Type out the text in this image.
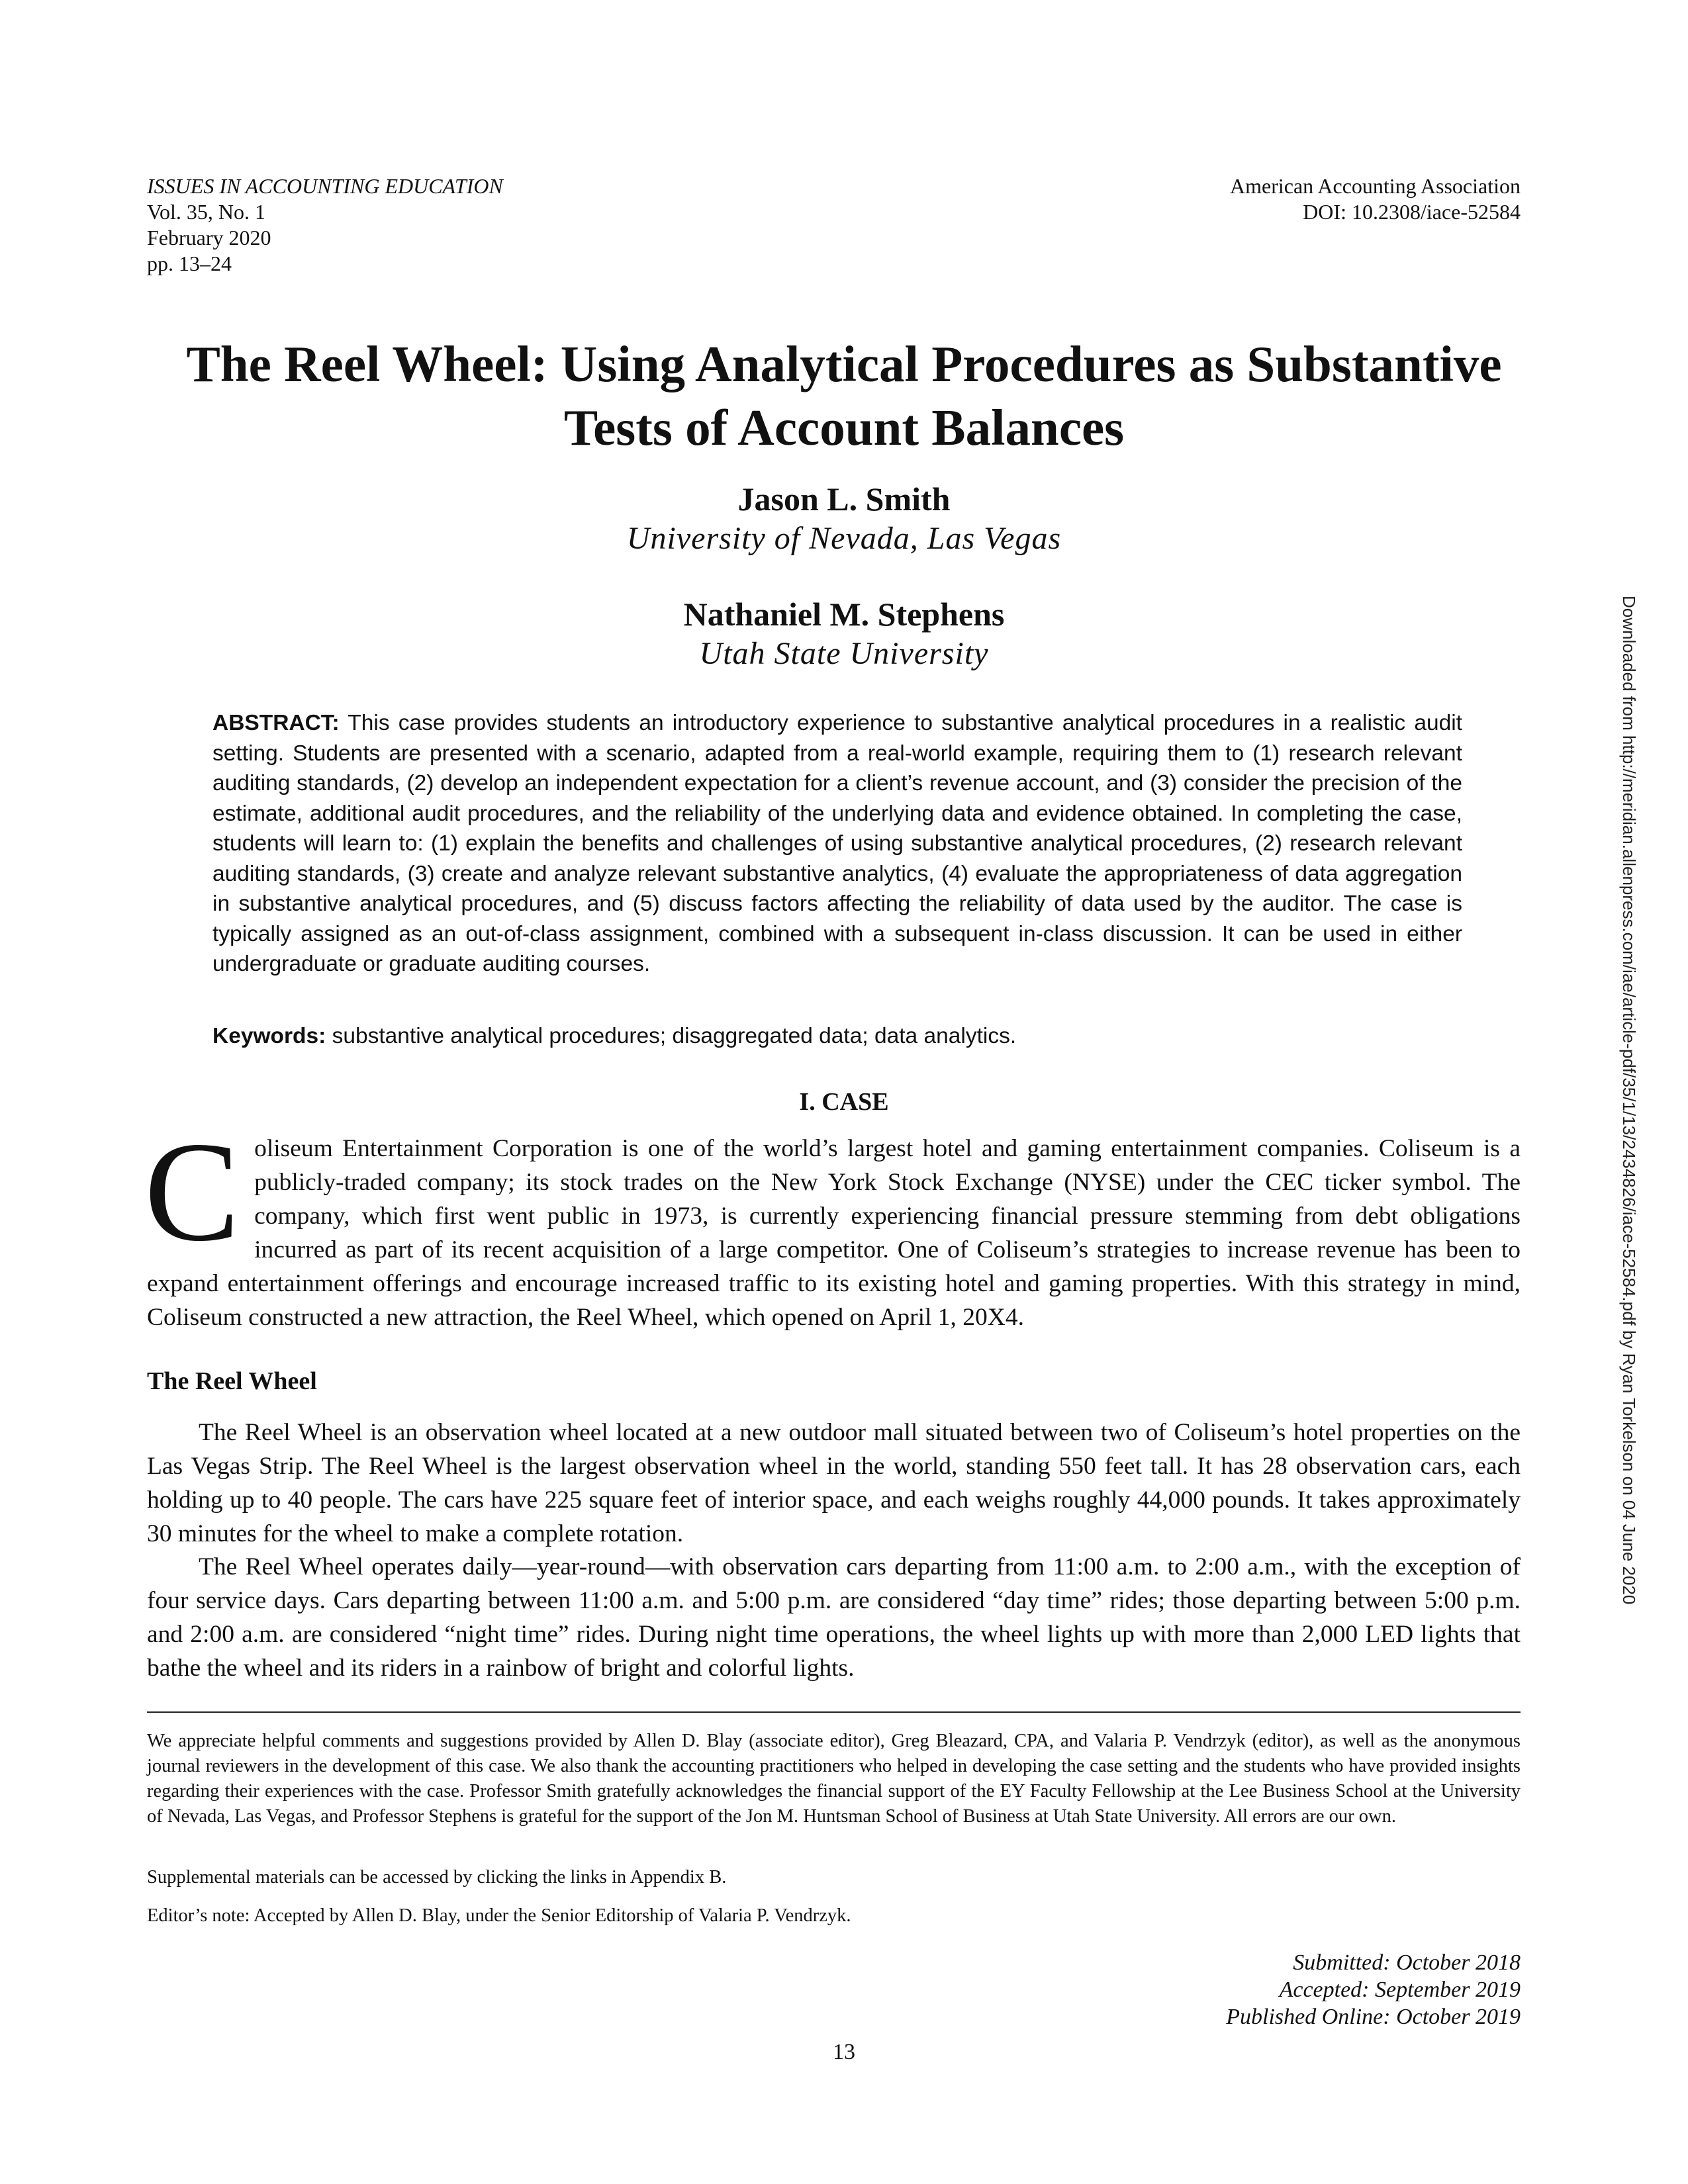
ISSUES IN ACCOUNTING EDUCATION
Vol. 35, No. 1
February 2020
pp. 13–24
American Accounting Association
DOI: 10.2308/iace-52584
The Reel Wheel: Using Analytical Procedures as Substantive
Tests of Account Balances
Jason L. Smith
University of Nevada, Las Vegas
Nathaniel M. Stephens
Utah State University

ABSTRACT: This case provides students an introductory experience to substantive analytical procedures in a realistic audit setting. Students are presented with a scenario, adapted from a real-world example, requiring them to (1) research relevant auditing standards, (2) develop an independent expectation for a client’s revenue account, and (3) consider the precision of the estimate, additional audit procedures, and the reliability of the underlying data and evidence obtained. In completing the case, students will learn to: (1) explain the benefits and challenges of using substantive analytical procedures, (2) research relevant auditing standards, (3) create and analyze relevant substantive analytics, (4) evaluate the appropriateness of data aggregation in substantive analytical procedures, and (5) discuss factors affecting the reliability of data used by the auditor. The case is typically assigned as an out-of-class assignment, combined with a subsequent in-class discussion. It can be used in either undergraduate or graduate auditing courses.

Keywords: substantive analytical procedures; disaggregated data; data analytics.

I. CASE

Coliseum Entertainment Corporation is one of the world’s largest hotel and gaming entertainment companies. Coliseum is a publicly-traded company; its stock trades on the New York Stock Exchange (NYSE) under the CEC ticker symbol. The company, which first went public in 1973, is currently experiencing financial pressure stemming from debt obligations incurred as part of its recent acquisition of a large competitor. One of Coliseum’s strategies to increase revenue has been to expand entertainment offerings and encourage increased traffic to its existing hotel and gaming properties. With this strategy in mind, Coliseum constructed a new attraction, the Reel Wheel, which opened on April 1, 20X4.

The Reel Wheel

The Reel Wheel is an observation wheel located at a new outdoor mall situated between two of Coliseum’s hotel properties on the Las Vegas Strip. The Reel Wheel is the largest observation wheel in the world, standing 550 feet tall. It has 28 observation cars, each holding up to 40 people. The cars have 225 square feet of interior space, and each weighs roughly 44,000 pounds. It takes approximately 30 minutes for the wheel to make a complete rotation.

The Reel Wheel operates daily—year-round—with observation cars departing from 11:00 a.m. to 2:00 a.m., with the exception of four service days. Cars departing between 11:00 a.m. and 5:00 p.m. are considered “day time” rides; those departing between 5:00 p.m. and 2:00 a.m. are considered “night time” rides. During night time operations, the wheel lights up with more than 2,000 LED lights that bathe the wheel and its riders in a rainbow of bright and colorful lights.

We appreciate helpful comments and suggestions provided by Allen D. Blay (associate editor), Greg Bleazard, CPA, and Valaria P. Vendrzyk (editor), as well as the anonymous journal reviewers in the development of this case. We also thank the accounting practitioners who helped in developing the case setting and the students who have provided insights regarding their experiences with the case. Professor Smith gratefully acknowledges the financial support of the EY Faculty Fellowship at the Lee Business School at the University of Nevada, Las Vegas, and Professor Stephens is grateful for the support of the Jon M. Huntsman School of Business at Utah State University. All errors are our own.

Supplemental materials can be accessed by clicking the links in Appendix B.

Editor’s note: Accepted by Allen D. Blay, under the Senior Editorship of Valaria P. Vendrzyk.

Submitted: October 2018
Accepted: September 2019
Published Online: October 2019
13
Downloaded from http://meridian.allenpress.com/iae/article-pdf/35/1/13/2434826/iace-52584.pdf by Ryan Torkelson on 04 June 2020
